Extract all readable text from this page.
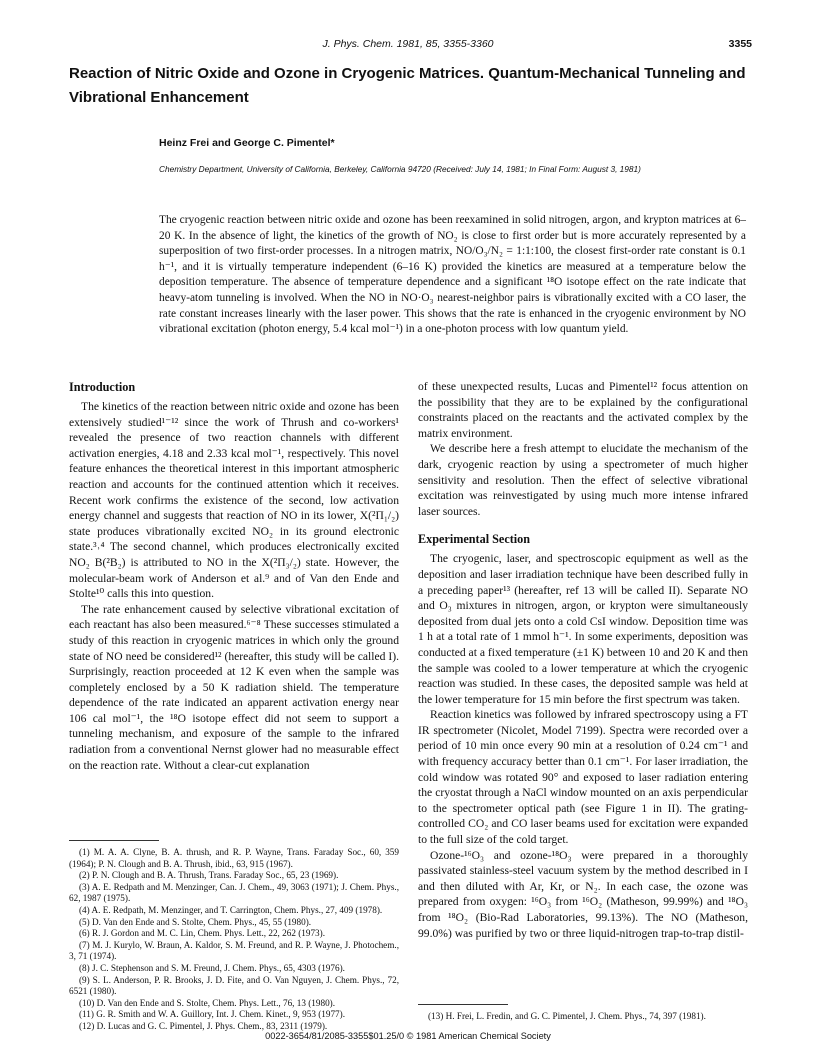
J. Phys. Chem. 1981, 85, 3355-3360	3355
Reaction of Nitric Oxide and Ozone in Cryogenic Matrices. Quantum-Mechanical Tunneling and Vibrational Enhancement
Heinz Frei and George C. Pimentel*
Chemistry Department, University of California, Berkeley, California 94720 (Received: July 14, 1981; In Final Form: August 3, 1981)

The cryogenic reaction between nitric oxide and ozone has been reexamined in solid nitrogen, argon, and krypton matrices at 6–20 K. In the absence of light, the kinetics of the growth of NO₂ is close to first order but is more accurately represented by a superposition of two first-order processes. In a nitrogen matrix, NO/O₃/N₂ = 1:1:100, the closest first-order rate constant is 0.1 h⁻¹, and it is virtually temperature independent (6–16 K) provided the kinetics are measured at a temperature below the deposition temperature. The absence of temperature dependence and a significant ¹⁸O isotope effect on the rate indicate that heavy-atom tunneling is involved. When the NO in NO·O₃ nearest-neighbor pairs is vibrationally excited with a CO laser, the rate constant increases linearly with the laser power. This shows that the rate is enhanced in the cryogenic environment by NO vibrational excitation (photon energy, 5.4 kcal mol⁻¹) in a one-photon process with low quantum yield.

Introduction

The kinetics of the reaction between nitric oxide and ozone has been extensively studied¹⁻¹² since the work of Thrush and co-workers¹ revealed the presence of two reaction channels with different activation energies, 4.18 and 2.33 kcal mol⁻¹, respectively. This novel feature enhances the theoretical interest in this important atmospheric reaction and accounts for the continued attention which it receives. Recent work confirms the existence of the second, low activation energy channel and suggests that reaction of NO in its lower, X(²Π₁/₂) state produces vibrationally excited NO₂ in its ground electronic state.³˒⁴ The second channel, which produces electronically excited NO₂ B(²B₂) is attributed to NO in the X(²Π₃/₂) state. However, the molecular-beam work of Anderson et al.⁹ and of Van den Ende and Stolte¹⁰ calls this into question.

The rate enhancement caused by selective vibrational excitation of each reactant has also been measured.⁶⁻⁸ These successes stimulated a study of this reaction in cryogenic matrices in which only the ground state of NO need be considered¹² (hereafter, this study will be called I). Surprisingly, reaction proceeded at 12 K even when the sample was completely enclosed by a 50 K radiation shield. The temperature dependence of the rate indicated an apparent activation energy near 106 cal mol⁻¹, the ¹⁸O isotope effect did not seem to support a tunneling mechanism, and exposure of the sample to the infrared radiation from a conventional Nernst glower had no measurable effect on the reaction rate. Without a clear-cut explanation

of these unexpected results, Lucas and Pimentel¹² focus attention on the possibility that they are to be explained by the configurational constraints placed on the reactants and the activated complex by the matrix environment.

We describe here a fresh attempt to elucidate the mechanism of the dark, cryogenic reaction by using a spectrometer of much higher sensitivity and resolution. Then the effect of selective vibrational excitation was reinvestigated by using much more intense infrared laser sources.

Experimental Section

The cryogenic, laser, and spectroscopic equipment as well as the deposition and laser irradiation technique have been described fully in a preceding paper¹³ (hereafter, ref 13 will be called II). Separate NO and O₃ mixtures in nitrogen, argon, or krypton were simultaneously deposited from dual jets onto a cold CsI window. Deposition time was 1 h at a total rate of 1 mmol h⁻¹. In some experiments, deposition was conducted at a fixed temperature (±1 K) between 10 and 20 K and then the sample was cooled to a lower temperature at which the cryogenic reaction was studied. In these cases, the deposited sample was held at the lower temperature for 15 min before the first spectrum was taken.

Reaction kinetics was followed by infrared spectroscopy using a FT IR spectrometer (Nicolet, Model 7199). Spectra were recorded over a period of 10 min once every 90 min at a resolution of 0.24 cm⁻¹ and with frequency accuracy better than 0.1 cm⁻¹. For laser irradiation, the cold window was rotated 90° and exposed to laser radiation entering the cryostat through a NaCl window mounted on an axis perpendicular to the spectrometer optical path (see Figure 1 in II). The grating-controlled CO₂ and CO laser beams used for excitation were expanded to the full size of the cold target.

Ozone-¹⁶O₃ and ozone-¹⁸O₃ were prepared in a thoroughly passivated stainless-steel vacuum system by the method described in I and then diluted with Ar, Kr, or N₂. In each case, the ozone was prepared from oxygen: ¹⁶O₃ from ¹⁶O₂ (Matheson, 99.99%) and ¹⁸O₃ from ¹⁸O₂ (Bio-Rad Laboratories, 99.13%). The NO (Matheson, 99.0%) was purified by two or three liquid-nitrogen trap-to-trap distil-

(1) M. A. A. Clyne, B. A. thrush, and R. P. Wayne, Trans. Faraday Soc., 60, 359 (1964); P. N. Clough and B. A. Thrush, ibid., 63, 915 (1967).

(2) P. N. Clough and B. A. Thrush, Trans. Faraday Soc., 65, 23 (1969).

(3) A. E. Redpath and M. Menzinger, Can. J. Chem., 49, 3063 (1971); J. Chem. Phys., 62, 1987 (1975).

(4) A. E. Redpath, M. Menzinger, and T. Carrington, Chem. Phys., 27, 409 (1978).

(5) D. Van den Ende and S. Stolte, Chem. Phys., 45, 55 (1980).

(6) R. J. Gordon and M. C. Lin, Chem. Phys. Lett., 22, 262 (1973).

(7) M. J. Kurylo, W. Braun, A. Kaldor, S. M. Freund, and R. P. Wayne, J. Photochem., 3, 71 (1974).

(8) J. C. Stephenson and S. M. Freund, J. Chem. Phys., 65, 4303 (1976).

(9) S. L. Anderson, P. R. Brooks, J. D. Fite, and O. Van Nguyen, J. Chem. Phys., 72, 6521 (1980).

(10) D. Van den Ende and S. Stolte, Chem. Phys. Lett., 76, 13 (1980).

(11) G. R. Smith and W. A. Guillory, Int. J. Chem. Kinet., 9, 953 (1977).

(12) D. Lucas and G. C. Pimentel, J. Phys. Chem., 83, 2311 (1979).

(13) H. Frei, L. Fredin, and G. C. Pimentel, J. Chem. Phys., 74, 397 (1981).

0022-3654/81/2085-3355$01.25/0 © 1981 American Chemical Society
